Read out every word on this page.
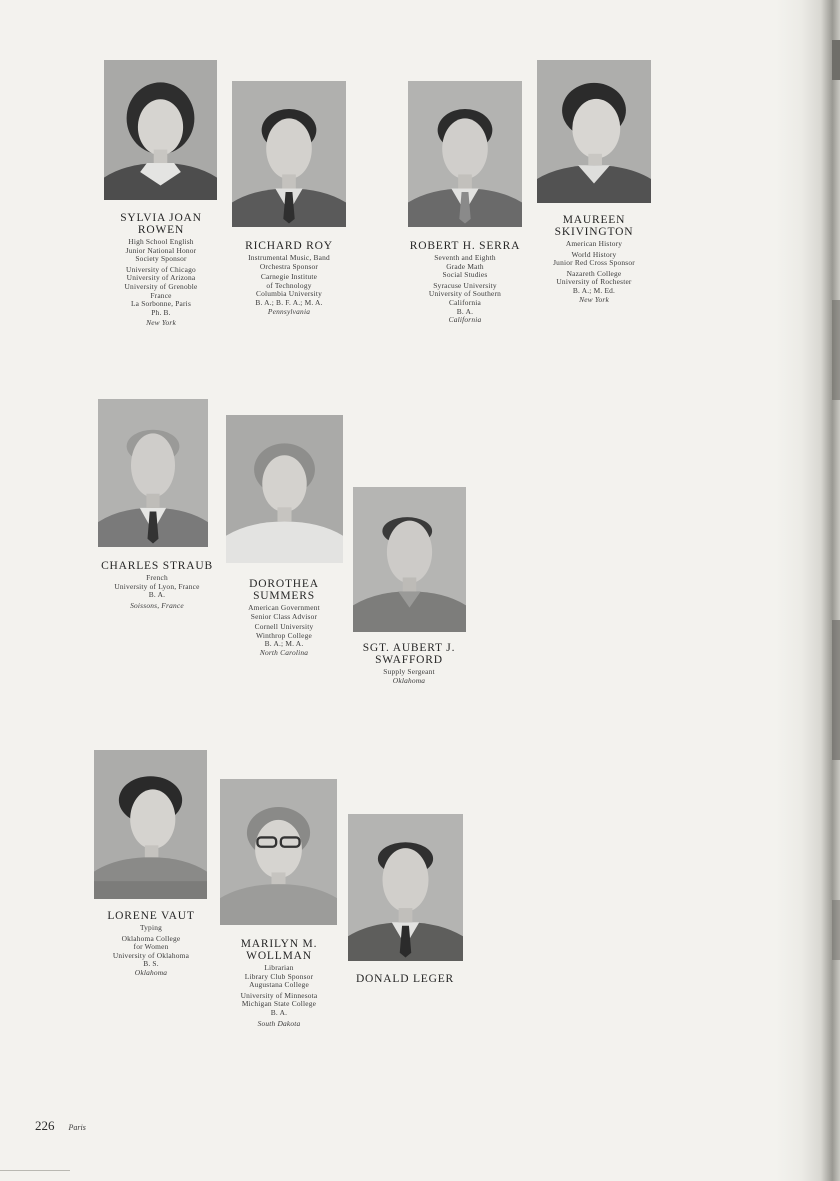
SYLVIA JOAN
ROWEN
High School English
Junior National Honor
Society Sponsor
University of Chicago
University of Arizona
University of Grenoble
France
La Sorbonne, Paris
Ph. B.
New York
RICHARD ROY
Instrumental Music, Band
Orchestra Sponsor
Carnegie Institute
of Technology
Columbia University
B. A.; B. F. A.; M. A.
Pennsylvania
ROBERT H. SERRA
Seventh and Eighth
Grade Math
Social Studies
Syracuse University
University of Southern
California
B. A.
California
MAUREEN
SKIVINGTON
American History
World History
Junior Red Cross Sponsor
Nazareth College
University of Rochester
B. A.; M. Ed.
New York
CHARLES STRAUB
French
University of Lyon, France
B. A.
Soissons, France
DOROTHEA
SUMMERS
American Government
Senior Class Advisor
Cornell University
Winthrop College
B. A.; M. A.
North Carolina	SGT. AUBERT J.
SWAFFORD
Supply Sergeant
Oklahoma
LORENE VAUT
Typing
Oklahoma College
for Women
University of Oklahoma
B. S.
Oklahoma
MARILYN M.
WOLLMAN
Librarian
Library Club Sponsor
Augustana College
University of Minnesota
Michigan State College
B. A.
South Dakota
DONALD LEGER
226 Paris
